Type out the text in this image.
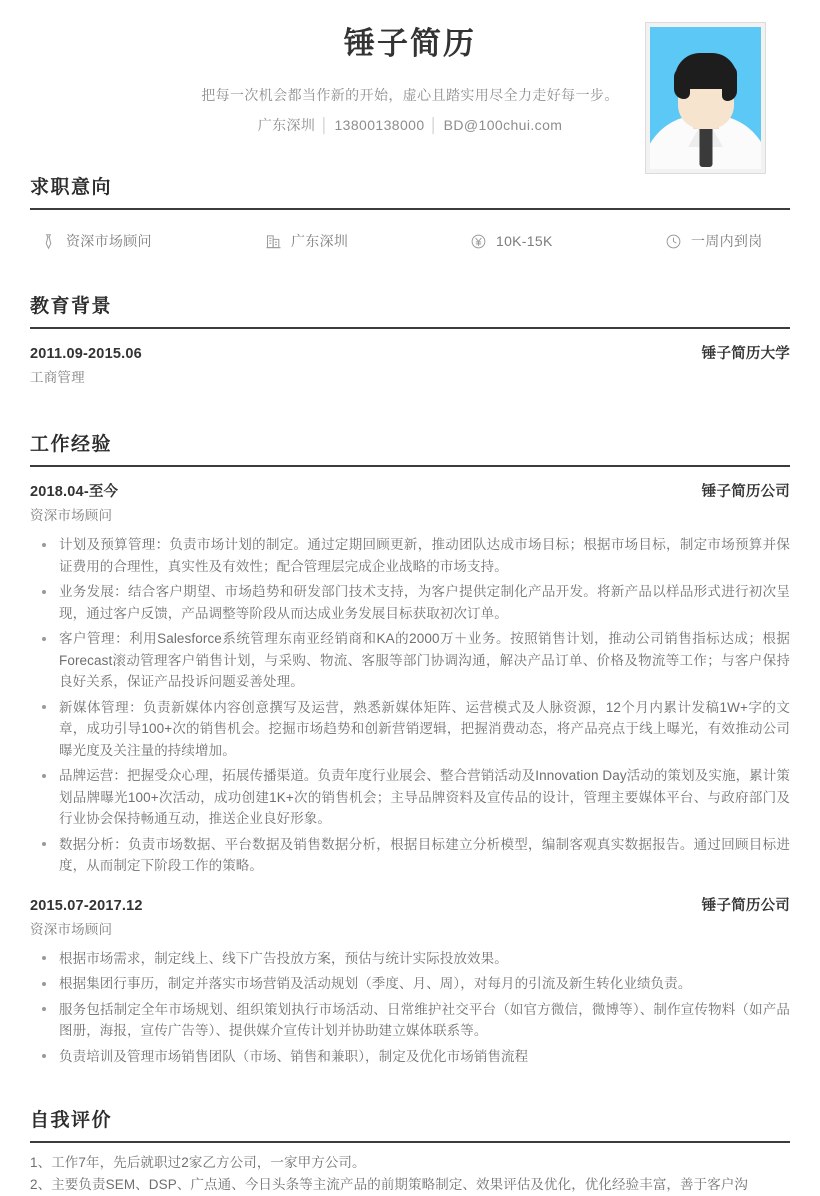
锤子简历
把每一次机会都当作新的开始，虚心且踏实用尽全力走好每一步。
广东深圳 │ 13800138000 │ BD@100chui.com
求职意向
资深市场顾问	广东深圳	10K-15K	一周内到岗
教育背景
2011.09-2015.06	锤子简历大学
工商管理
工作经验
2018.04-至今	锤子简历公司
资深市场顾问
计划及预算管理：负责市场计划的制定。通过定期回顾更新，推动团队达成市场目标；根据市场目标，制定市场预算并保证费用的合理性，真实性及有效性；配合管理层完成企业战略的市场支持。
业务发展：结合客户期望、市场趋势和研发部门技术支持，为客户提供定制化产品开发。将新产品以样品形式进行初次呈现，通过客户反馈，产品调整等阶段从而达成业务发展目标获取初次订单。
客户管理：利用Salesforce系统管理东南亚经销商和KA的2000万＋业务。按照销售计划，推动公司销售指标达成；根据Forecast滚动管理客户销售计划，与采购、物流、客服等部门协调沟通，解决产品订单、价格及物流等工作；与客户保持良好关系，保证产品投诉问题妥善处理。
新媒体管理：负责新媒体内容创意撰写及运营，熟悉新媒体矩阵、运营模式及人脉资源，12个月内累计发稿1W+字的文章，成功引导100+次的销售机会。挖掘市场趋势和创新营销逻辑，把握消费动态，将产品亮点于线上曝光，有效推动公司曝光度及关注量的持续增加。
品牌运营：把握受众心理，拓展传播渠道。负责年度行业展会、整合营销活动及Innovation Day活动的策划及实施，累计策划品牌曝光100+次活动，成功创建1K+次的销售机会；主导品牌资料及宣传品的设计，管理主要媒体平台、与政府部门及行业协会保持畅通互动，推送企业良好形象。
数据分析：负责市场数据、平台数据及销售数据分析，根据目标建立分析模型，编制客观真实数据报告。通过回顾目标进度，从而制定下阶段工作的策略。
2015.07-2017.12	锤子简历公司
资深市场顾问
根据市场需求，制定线上、线下广告投放方案，预估与统计实际投放效果。
根据集团行事历，制定并落实市场营销及活动规划（季度、月、周），对每月的引流及新生转化业绩负责。
服务包括制定全年市场规划、组织策划执行市场活动、日常维护社交平台（如官方微信，微博等）、制作宣传物料（如产品图册，海报，宣传广告等）、提供媒介宣传计划并协助建立媒体联系等。
负责培训及管理市场销售团队（市场、销售和兼职），制定及优化市场销售流程
自我评价
1、工作7年，先后就职过2家乙方公司，一家甲方公司。
2、主要负责SEM、DSP、广点通、今日头条等主流产品的前期策略制定、效果评估及优化，优化经验丰富，善于客户沟
